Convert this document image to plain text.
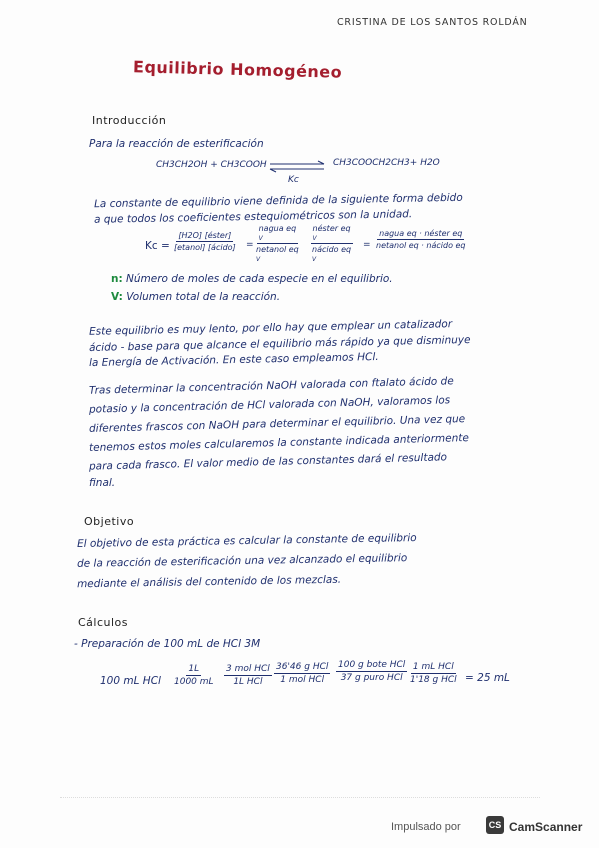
CRISTINA DE LOS SANTOS ROLDÁN
Equilibrio Homogéneo
Introducción
Para la reacción de esterificación
CH3CH2OH + CH3COOH ⇌
Kc
CH3COOCH2CH3+ H2O
La constante de equilibrio viene definida de la siguiente forma debido
a que todos los coeficientes estequiométricos son la unidad.
Kc =
[H2O] [éster]
[etanol] [ácido] =
nagua eq
V
netanol eq
V
néster eq
V
nácido eq
V
=
nagua eq · néster eq
netanol eq · nácido eq
n: Número de moles de cada especie en el equilibrio.
V: Volumen total de la reacción.
Este equilibrio es muy lento, por ello hay que emplear un catalizador
ácido - base para que alcance el equilibrio más rápido ya que disminuye
la Energía de Activación. En este caso empleamos HCl.
Tras determinar la concentración NaOH valorada con ftalato ácido de
potasio y la concentración de HCl valorada con NaOH, valoramos los
diferentes frascos con NaOH para determinar el equilibrio. Una vez que
tenemos estos moles calcularemos la constante indicada anteriormente
para cada frasco. El valor medio de las constantes dará el resultado
final.
Objetivo
El objetivo de esta práctica es calcular la constante de equilibrio
de la reacción de esterificación una vez alcanzado el equilibrio
mediante el análisis del contenido de los mezclas.
Cálculos
- Preparación de 100 mL de HCl 3M
100 mL HCl $\frac{1L}{1000 mL} 3$ mol HCl
1L HCl
36'46 g HCl
1 mol HCl
100 g bote HCl
37 g puro HCl
1 mL HCl
1'18 g HCl = 25 mL
Impulsado por	CS CamScanner
